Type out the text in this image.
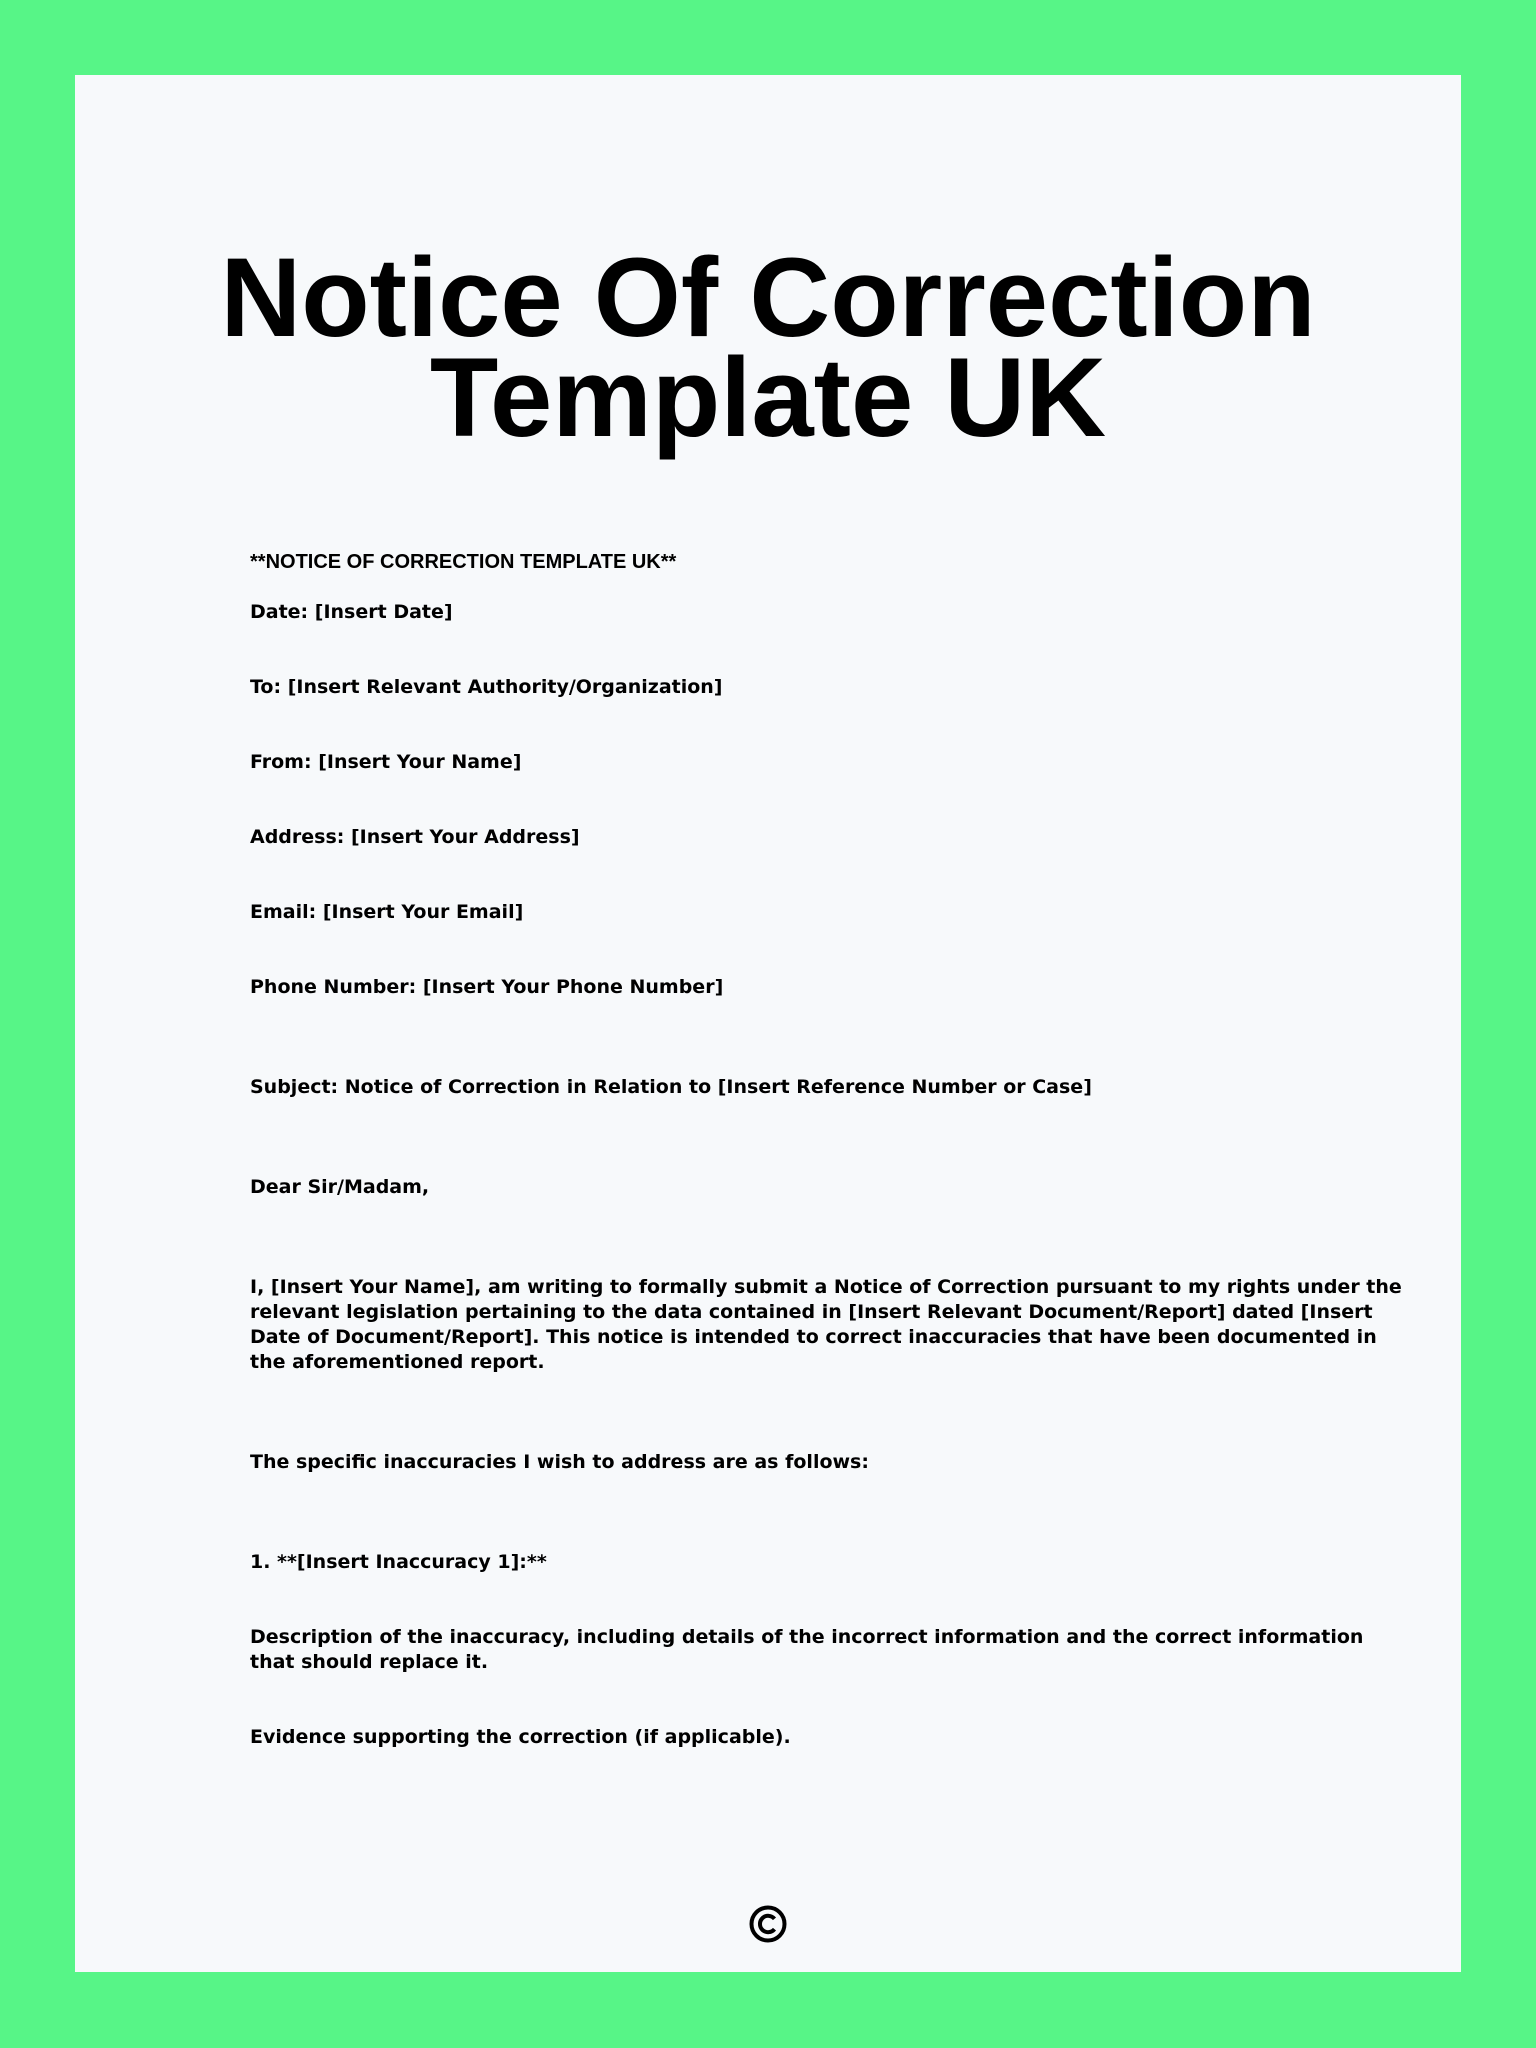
Notice Of Correction
Template UK

**NOTICE OF CORRECTION TEMPLATE UK**

Date: [Insert Date]

To: [Insert Relevant Authority/Organization]

From: [Insert Your Name]

Address: [Insert Your Address]

Email: [Insert Your Email]

Phone Number: [Insert Your Phone Number]

Subject: Notice of Correction in Relation to [Insert Reference Number or Case]

Dear Sir/Madam,

I, [Insert Your Name], am writing to formally submit a Notice of Correction pursuant to my rights under the

relevant legislation pertaining to the data contained in [Insert Relevant Document/Report] dated [Insert

Date of Document/Report]. This notice is intended to correct inaccuracies that have been documented in

the aforementioned report.

The specific inaccuracies I wish to address are as follows:

1. **[Insert Inaccuracy 1]:**

Description of the inaccuracy, including details of the incorrect information and the correct information

that should replace it.

Evidence supporting the correction (if applicable).
